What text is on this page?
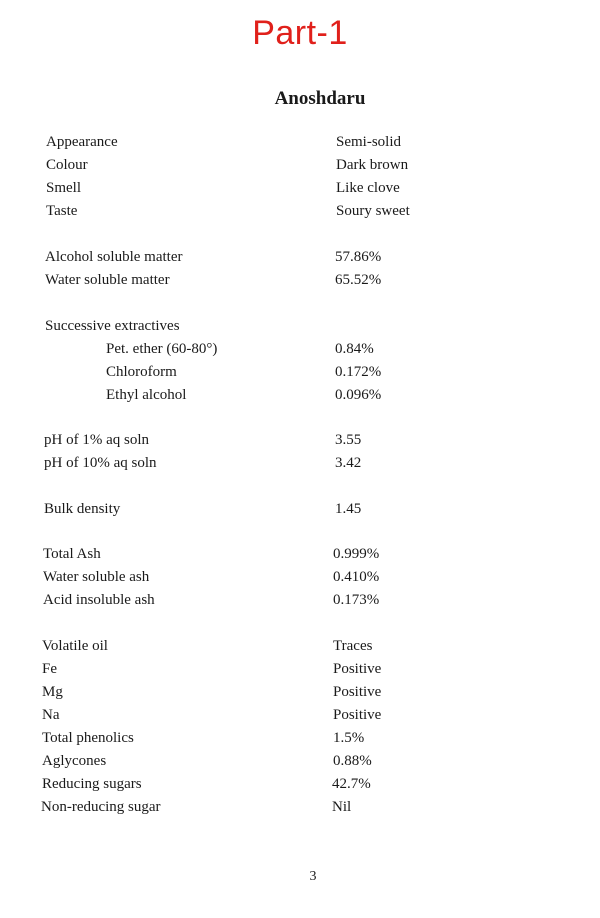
Part-1
Anoshdaru
Appearance	Semi-solid
Colour	Dark brown
Smell	Like clove
Taste	Soury sweet
Alcohol soluble matter	57.86%
Water soluble matter	65.52%
Successive extractives
Pet. ether (60-80°)	0.84%
Chloroform	0.172%
Ethyl alcohol	0.096%
pH of 1% aq soln	3.55
pH of 10% aq soln	3.42
Bulk density	1.45
Total Ash	0.999%
Water soluble ash	0.410%
Acid insoluble ash	0.173%
Volatile oil	Traces
Fe	Positive
Mg	Positive
Na	Positive
Total phenolics	1.5%
Aglycones	0.88%
Reducing sugars	42.7%
Non-reducing sugar	Nil
3
